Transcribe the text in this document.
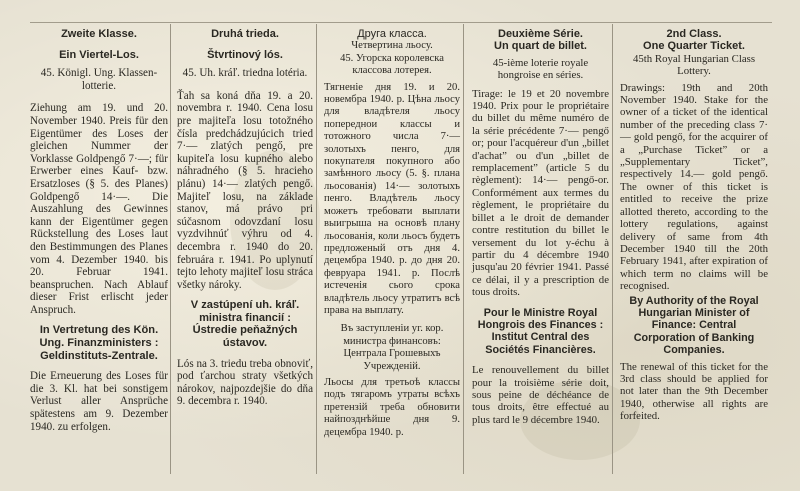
Zweite Klasse.

Ein Viertel-Los.

45. Königl. Ung. Klassen-lotterie.

Ziehung am 19. und 20. November 1940. Preis für den Eigentümer des Loses der gleichen Nummer der Vorklasse Goldpengő 7·—; für Erwerber eines Kauf- bzw. Ersatzloses (§ 5. des Planes) Goldpengő 14·—. Die Auszahlung des Gewinnes kann der Eigentümer gegen Rückstellung des Loses laut den Bestimmungen des Planes vom 4. Dezember 1940. bis 20. Februar 1941. beanspruchen. Nach Ablauf dieser Frist erlischt jeder Anspruch.

In Vertretung des Kön. Ung. Finanzministers : Geldinstituts-Zentrale.

Die Erneuerung des Loses für die 3. Kl. hat bei sonstigem Verlust aller Ansprüche spätestens am 9. Dezember 1940. zu erfolgen.

Druhá trieda.

Štvrtinový lós.

45. Uh. kráľ. triedna lotéria.

Ťah sa koná dňa 19. a 20. novembra r. 1940. Cena losu pre majiteľa losu totožného čísla predchádzujúcich tried 7·— zlatých pengő, pre kupiteľa losu kupného alebo náhradného (§ 5. hracieho plánu) 14·— zlatých pengő. Majiteľ losu, na základe stanov, má právo pri súčasnom odovzdaní losu vyzdvihnúť výhru od 4. decembra r. 1940 do 20. februára r. 1941. Po uplynutí tejto lehoty majiteľ losu stráca všetky nároky.

V zastúpení uh. kráľ. ministra financií : Ústredie peňažných ústavov.

Lós na 3. triedu treba obnoviť, pod ťarchou straty všetkých nárokov, najpozdejšie do dňa 9. decembra r. 1940.

Друга класса.

Четвертина льосу.

45. Угорска королевска классова лотерея.

Тягненiе дня 19. и 20. новембра 1940. р. Цѣна льосу для владѣтеля льосу попереднои классы и тотожного числа 7·— золотыхъ пенго, для покупателя покупного або замѣнного льосу (5. §. плана льосованiя) 14·— золотыхъ пенго. Владѣтель льосу можетъ требовати выплати выигрыша на основѣ плану льосованiя, коли льосъ будетъ предложеный отъ дня 4. децембра 1940. р. до дня 20. февруара 1941. р. Послѣ истеченiя сього срока владѣтель льосу утратитъ всѣ права на выплату.

Въ заступленiи уг. кор. министра финансовъ: Централа Грошевыхъ Учрежденiй.

Льосы для третьоѣ классы подъ тягаромъ утраты всѣхъ претензiй треба обновити найпозднѣйше дня 9. децембра 1940. р.

Deuxième Série.

Un quart de billet.

45-ième loterie royale hongroise en séries.

Tirage: le 19 et 20 novembre 1940. Prix pour le propriétaire du billet du même numéro de la série précédente 7·— pengő or; pour l'acquéreur d'un „billet d'achat” ou d'un „billet de remplacement” (article 5 du règlement): 14·— pengő-or. Conformément aux termes du règlement, le propriétaire du billet a le droit de demander contre restitution du billet le versement du lot y-échu à partir du 4 décembre 1940 jusqu'au 20 février 1941. Passé ce délai, il y a prescription de tous droits.

Pour le Ministre Royal Hongrois des Finances : Institut Central des Sociétés Financières.

Le renouvellement du billet pour la troisième série doit, sous peine de déchéance de tous droits, être effectué au plus tard le 9 décembre 1940.

2nd Class.

One Quarter Ticket.

45th Royal Hungarian Class Lottery.

Drawings: 19th and 20th November 1940. Stake for the owner of a ticket of the identical number of the preceding class 7·— gold pengő, for the acquirer of a „Purchase Ticket” or a „Supplementary Ticket”, respectively 14.— gold pengő. The owner of this ticket is entitled to receive the prize allotted thereto, according to the lottery regulations, against delivery of same from 4th December 1940 till the 20th February 1941, after expiration of which term no claims will be recognised.

By Authority of the Royal Hungarian Minister of Finance: Central Corporation of Banking Companies.

The renewal of this ticket for the 3rd class should be applied for not later than the 9th December 1940, otherwise all rights are forfeited.
